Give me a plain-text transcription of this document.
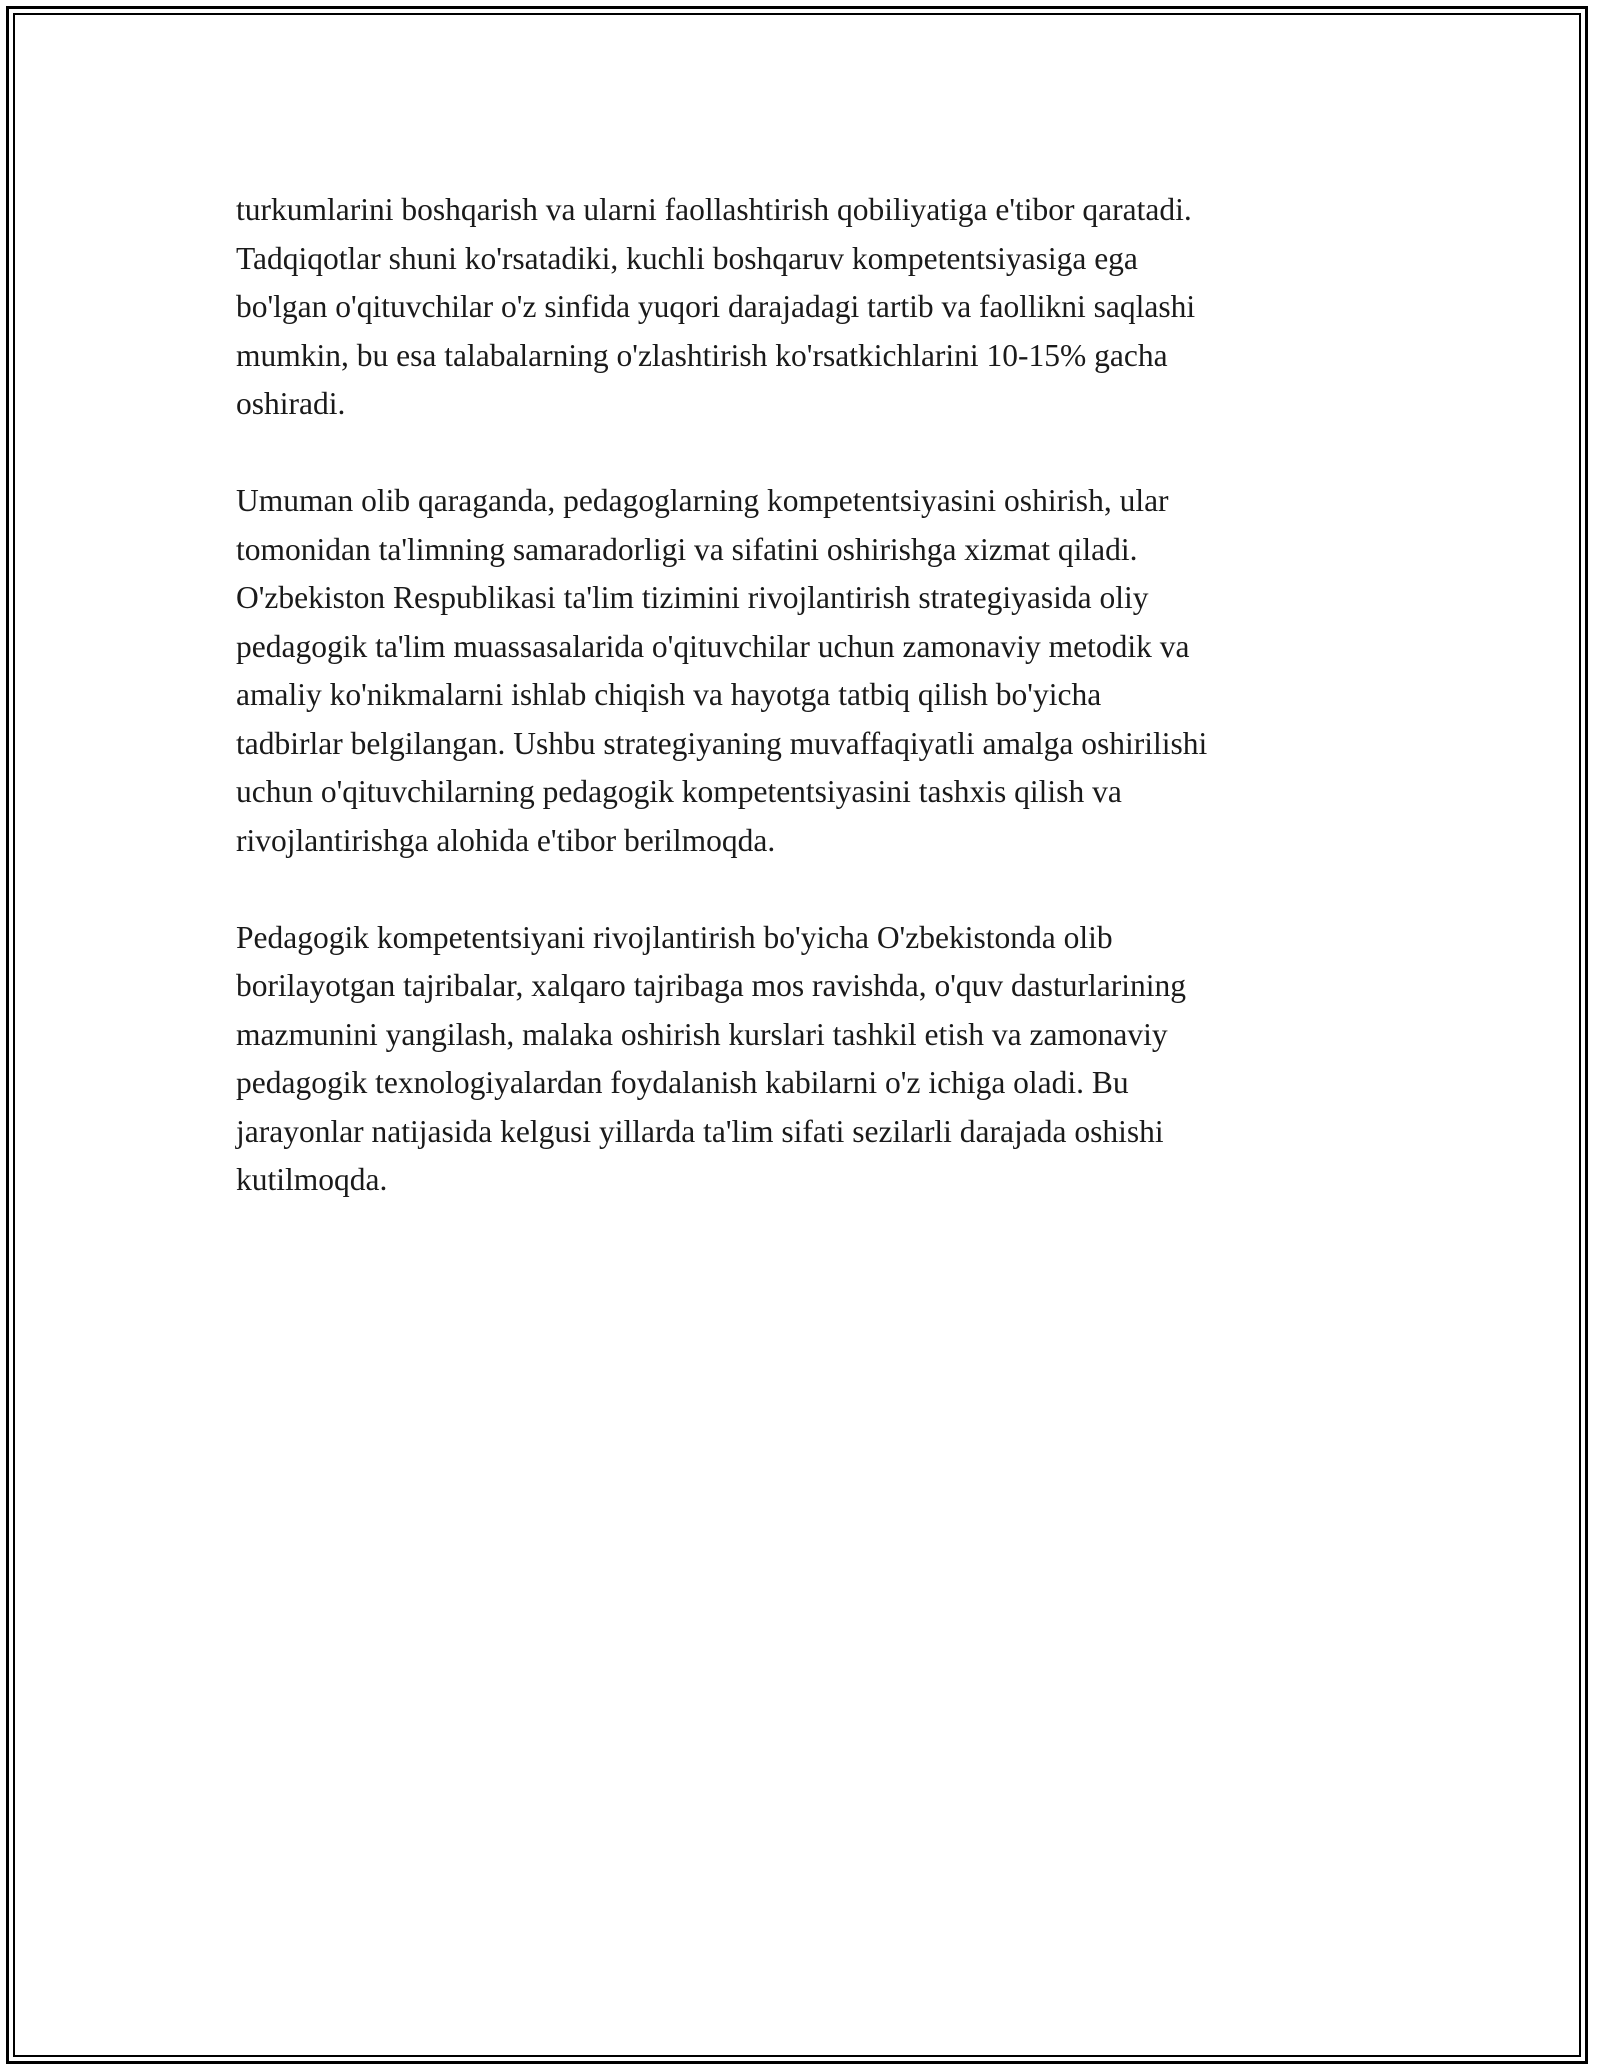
turkumlarini boshqarish va ularni faollashtirish qobiliyatiga e'tibor qaratadi.
Tadqiqotlar shuni ko'rsatadiki, kuchli boshqaruv kompetentsiyasiga ega
bo'lgan o'qituvchilar o'z sinfida yuqori darajadagi tartib va faollikni saqlashi
mumkin, bu esa talabalarning o'zlashtirish ko'rsatkichlarini 10-15% gacha
oshiradi.

Umuman olib qaraganda, pedagoglarning kompetentsiyasini oshirish, ular
tomonidan ta'limning samaradorligi va sifatini oshirishga xizmat qiladi.
O'zbekiston Respublikasi ta'lim tizimini rivojlantirish strategiyasida oliy
pedagogik ta'lim muassasalarida o'qituvchilar uchun zamonaviy metodik va
amaliy ko'nikmalarni ishlab chiqish va hayotga tatbiq qilish bo'yicha
tadbirlar belgilangan. Ushbu strategiyaning muvaffaqiyatli amalga oshirilishi
uchun o'qituvchilarning pedagogik kompetentsiyasini tashxis qilish va
rivojlantirishga alohida e'tibor berilmoqda.

Pedagogik kompetentsiyani rivojlantirish bo'yicha O'zbekistonda olib
borilayotgan tajribalar, xalqaro tajribaga mos ravishda, o'quv dasturlarining
mazmunini yangilash, malaka oshirish kurslari tashkil etish va zamonaviy
pedagogik texnologiyalardan foydalanish kabilarni o'z ichiga oladi. Bu
jarayonlar natijasida kelgusi yillarda ta'lim sifati sezilarli darajada oshishi
kutilmoqda.
